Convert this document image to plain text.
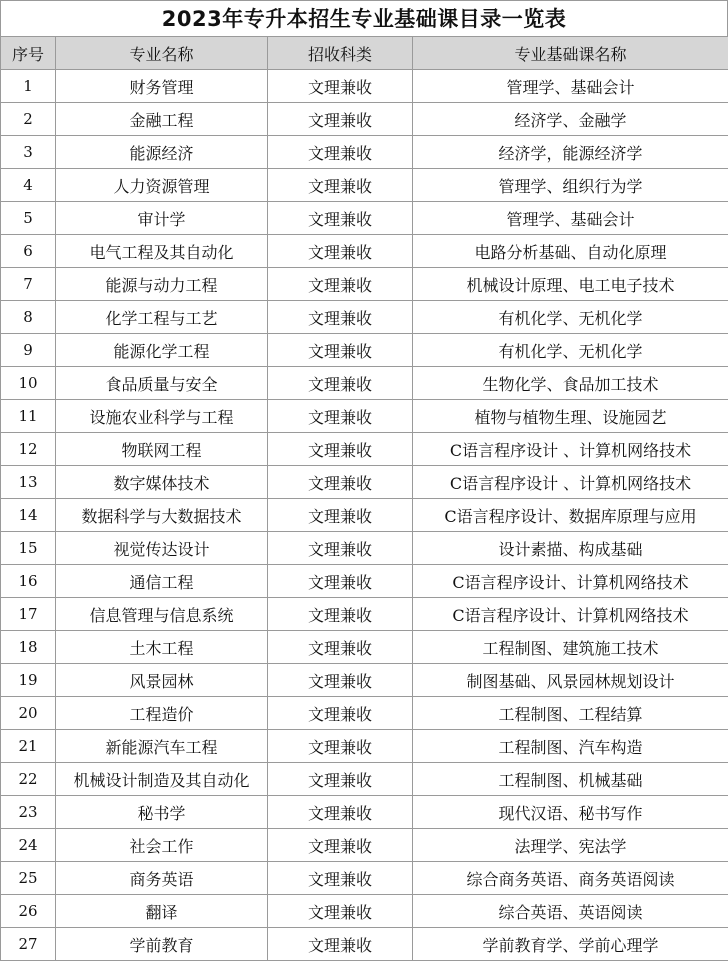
2023年专升本招生专业基础课目录一览表
序号	专业名称	招收科类	专业基础课名称
1	财务管理	文理兼收	管理学、基础会计
2	金融工程	文理兼收	经济学、金融学
3	能源经济	文理兼收	经济学，能源经济学
4	人力资源管理	文理兼收	管理学、组织行为学
5	审计学	文理兼收	管理学、基础会计
6	电气工程及其自动化	文理兼收	电路分析基础、自动化原理
7	能源与动力工程	文理兼收	机械设计原理、电工电子技术
8	化学工程与工艺	文理兼收	有机化学、无机化学
9	能源化学工程	文理兼收	有机化学、无机化学
10	食品质量与安全	文理兼收	生物化学、食品加工技术
11	设施农业科学与工程	文理兼收	植物与植物生理、设施园艺
12	物联网工程	文理兼收	C语言程序设计 、计算机网络技术
13	数字媒体技术	文理兼收	C语言程序设计 、计算机网络技术
14	数据科学与大数据技术	文理兼收	C语言程序设计、数据库原理与应用
15	视觉传达设计	文理兼收	设计素描、构成基础
16	通信工程	文理兼收	C语言程序设计、计算机网络技术
17	信息管理与信息系统	文理兼收	C语言程序设计、计算机网络技术
18	土木工程	文理兼收	工程制图、建筑施工技术
19	风景园林	文理兼收	制图基础、风景园林规划设计
20	工程造价	文理兼收	工程制图、工程结算
21	新能源汽车工程	文理兼收	工程制图、汽车构造
22	机械设计制造及其自动化	文理兼收	工程制图、机械基础
23	秘书学	文理兼收	现代汉语、秘书写作
24	社会工作	文理兼收	法理学、宪法学
25	商务英语	文理兼收	综合商务英语、商务英语阅读
26	翻译	文理兼收	综合英语、英语阅读
27	学前教育	文理兼收	学前教育学、学前心理学
